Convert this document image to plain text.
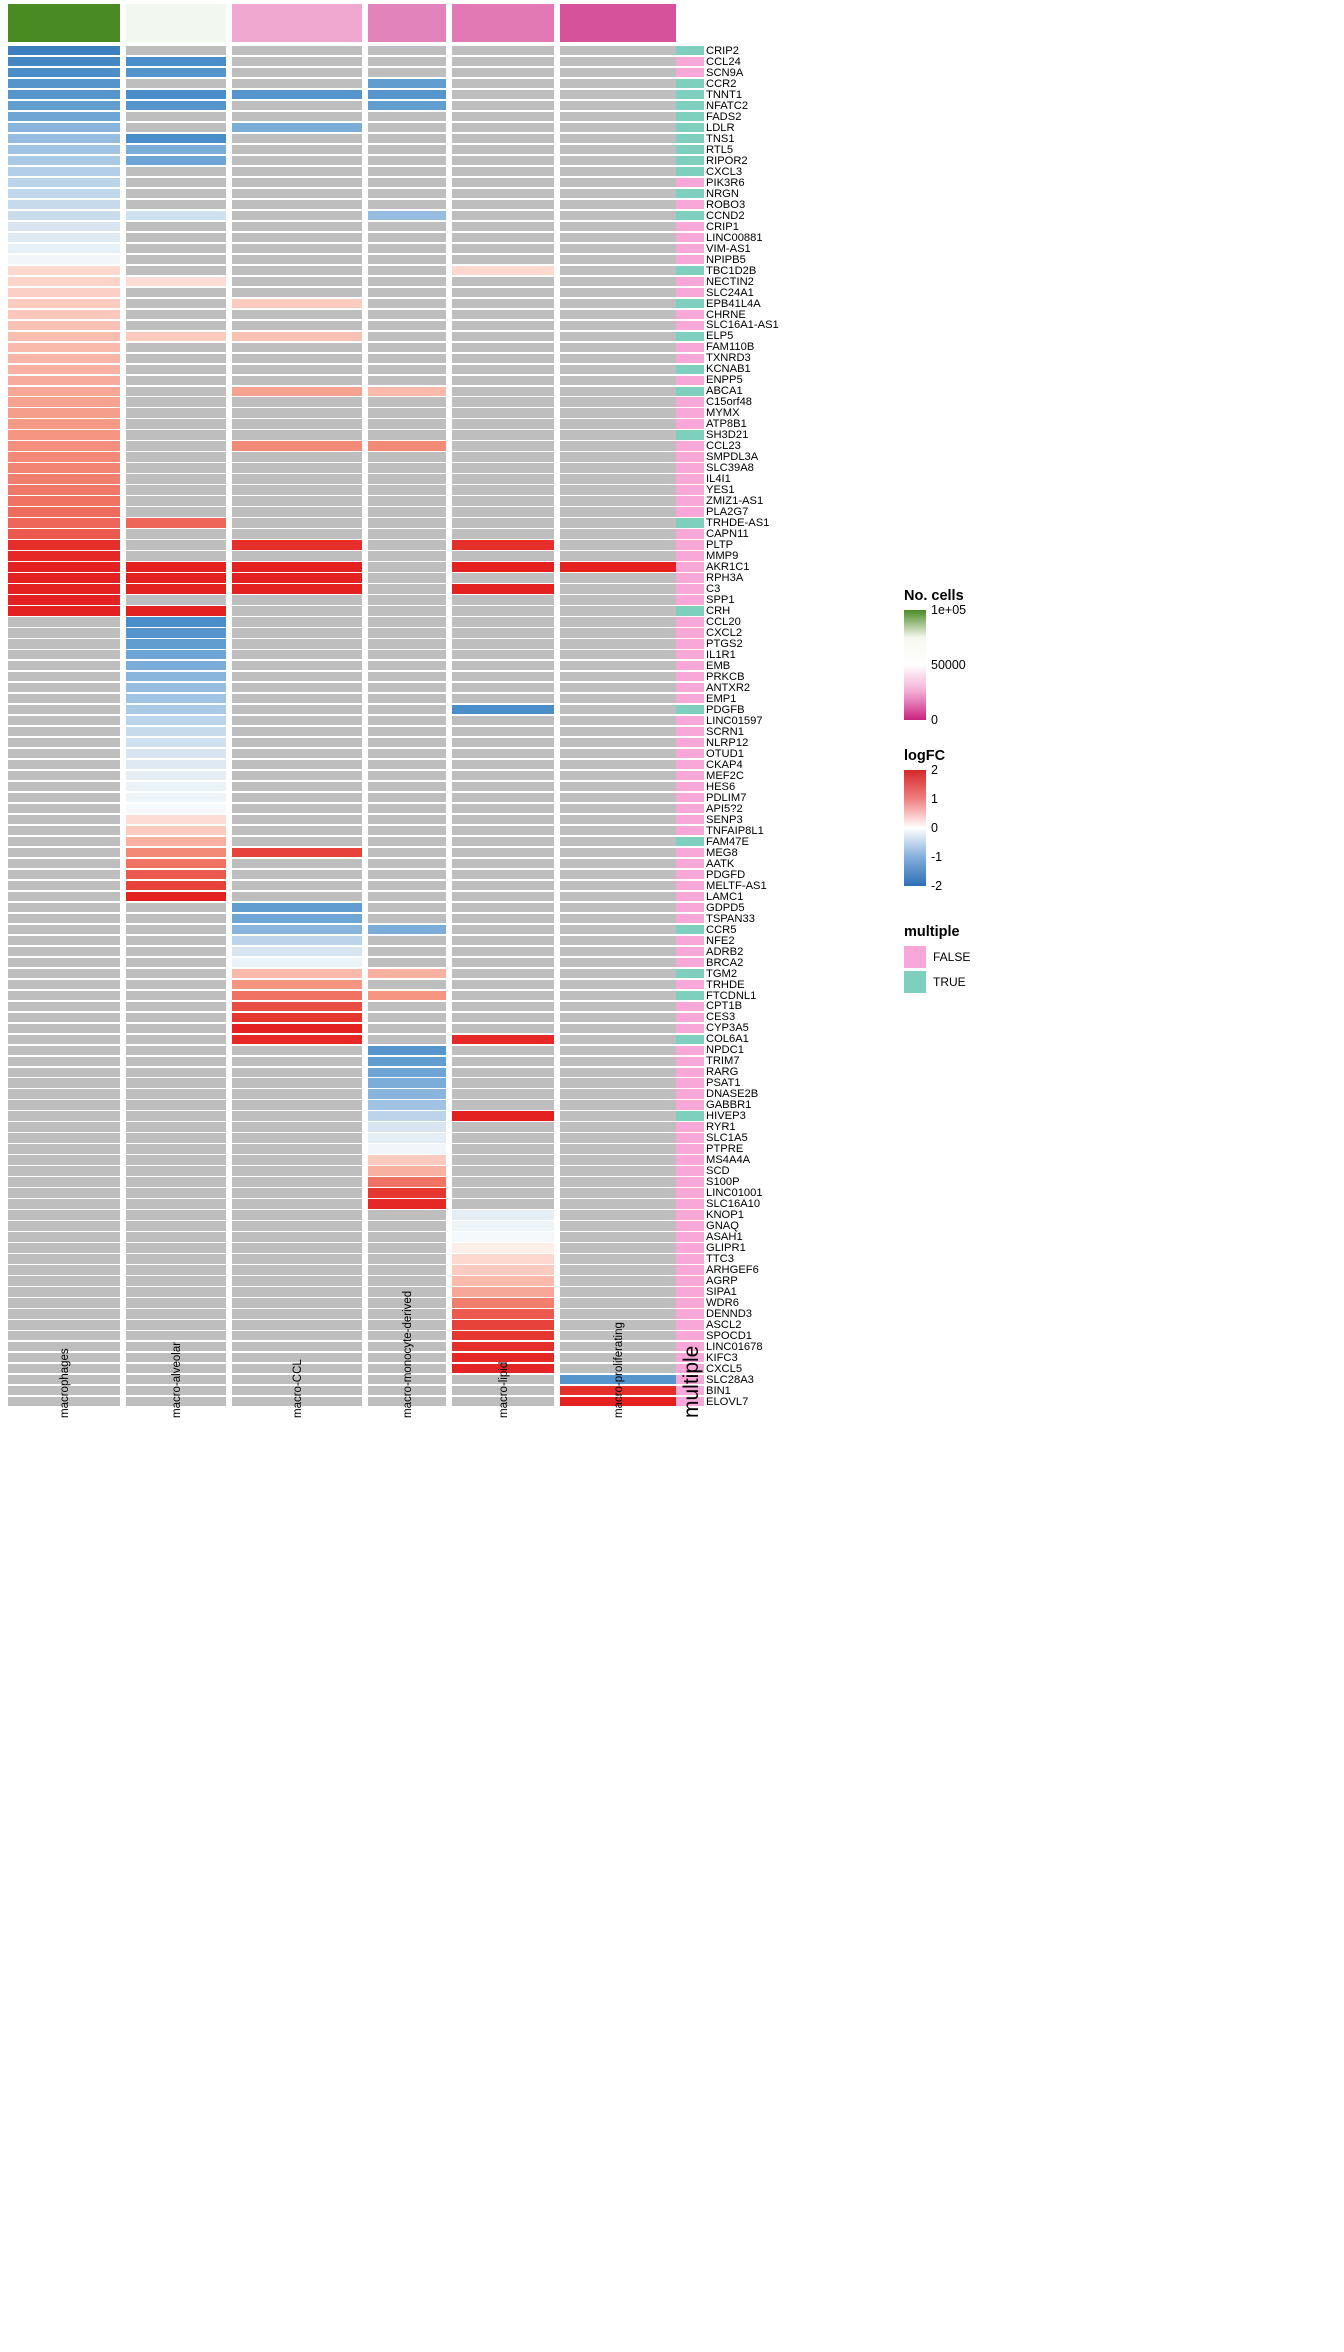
CRIP2
CCL24
SCN9A
CCR2
TNNT1
NFATC2
FADS2
LDLR
TNS1
RTL5
RIPOR2
CXCL3
PIK3R6
NRGN
ROBO3
CCND2
CRIP1
LINC00881
VIM-AS1
NPIPB5
TBC1D2B
NECTIN2
SLC24A1
EPB41L4A
CHRNE
SLC16A1-AS1
ELP5
FAM110B
TXNRD3
KCNAB1
ENPP5
ABCA1
C15orf48
MYMX
ATP8B1
SH3D21
CCL23
SMPDL3A
SLC39A8
IL4I1
YES1
ZMIZ1-AS1
PLA2G7
TRHDE-AS1
CAPN11
PLTP
MMP9
AKR1C1
RPH3A
C3
SPP1
CRH
CCL20
CXCL2
PTGS2
IL1R1
EMB
PRKCB
ANTXR2
EMP1
PDGFB
LINC01597
SCRN1
NLRP12
OTUD1
CKAP4
MEF2C
HES6
PDLIM7
API5?2
SENP3
TNFAIP8L1
FAM47E
MEG8
AATK
PDGFD
MELTF-AS1
LAMC1
GDPD5
TSPAN33
CCR5
NFE2
ADRB2
BRCA2
TGM2
TRHDE
FTCDNL1
CPT1B
CES3
CYP3A5
COL6A1
NPDC1
TRIM7
RARG
PSAT1
DNASE2B
GABBR1
HIVEP3
RYR1
SLC1A5
PTPRE
MS4A4A
SCD
S100P
LINC01001
SLC16A10
KNOP1
GNAQ
ASAH1
GLIPR1
TTC3
ARHGEF6
AGRP
SIPA1
WDR6
DENND3
ASCL2
SPOCD1
LINC01678
KIFC3
CXCL5
SLC28A3
BIN1
ELOVL7
macrophages	macro-alveolar	macro-CCL	macro-monocyte-derived	macro-lipid	macro-proliferating	multiple
No. cells
1e+05
50000
0
logFC
2
1
0
-1
-2
multiple
FALSE
TRUE
